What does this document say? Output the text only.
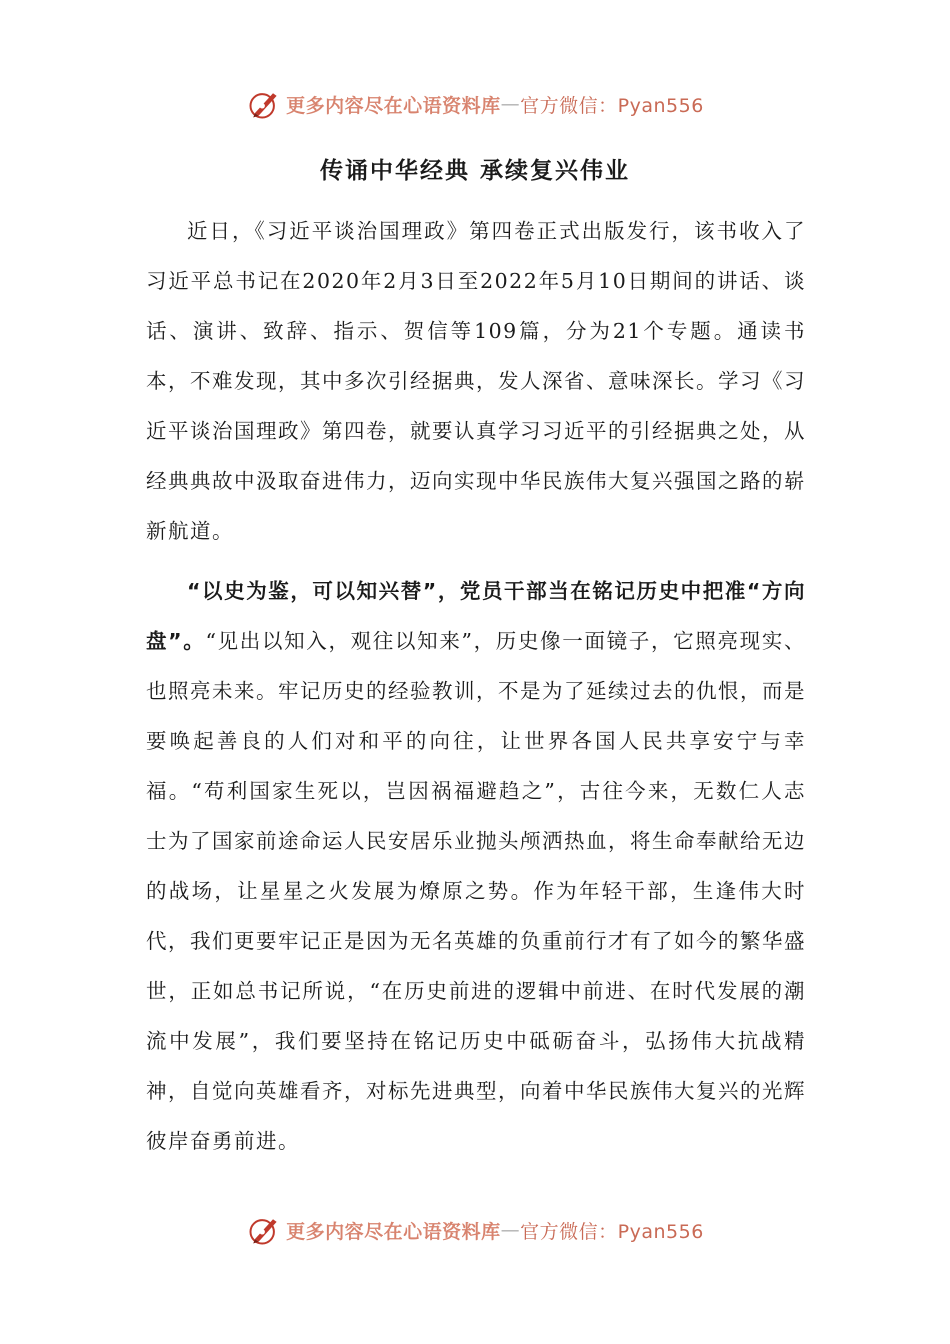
更多内容尽在心语资料库 — 官方微信：Pyan556
传诵中华经典 承续复兴伟业

近日，《习近平谈治国理政》第四卷正式出版发行，该书收入了习近平总书记在2020年2月3日至2022年5月10日期间的讲话、谈话、演讲、致辞、指示、贺信等109篇，分为21个专题。通读书本，不难发现，其中多次引经据典，发人深省、意味深长。学习《习近平谈治国理政》第四卷，就要认真学习习近平的引经据典之处，从经典典故中汲取奋进伟力，迈向实现中华民族伟大复兴强国之路的崭新航道。

“以史为鉴，可以知兴替”，党员干部当在铭记历史中把准“方向盘”。“见出以知入，观往以知来”，历史像一面镜子，它照亮现实、也照亮未来。牢记历史的经验教训，不是为了延续过去的仇恨，而是要唤起善良的人们对和平的向往，让世界各国人民共享安宁与幸福。“苟利国家生死以，岂因祸福避趋之”，古往今来，无数仁人志士为了国家前途命运人民安居乐业抛头颅洒热血，将生命奉献给无边的战场，让星星之火发展为燎原之势。作为年轻干部，生逢伟大时代，我们更要牢记正是因为无名英雄的负重前行才有了如今的繁华盛世，正如总书记所说，“在历史前进的逻辑中前进、在时代发展的潮流中发展”，我们要坚持在铭记历史中砥砺奋斗，弘扬伟大抗战精神，自觉向英雄看齐，对标先进典型，向着中华民族伟大复兴的光辉彼岸奋勇前进。

更多内容尽在心语资料库 — 官方微信：Pyan556
